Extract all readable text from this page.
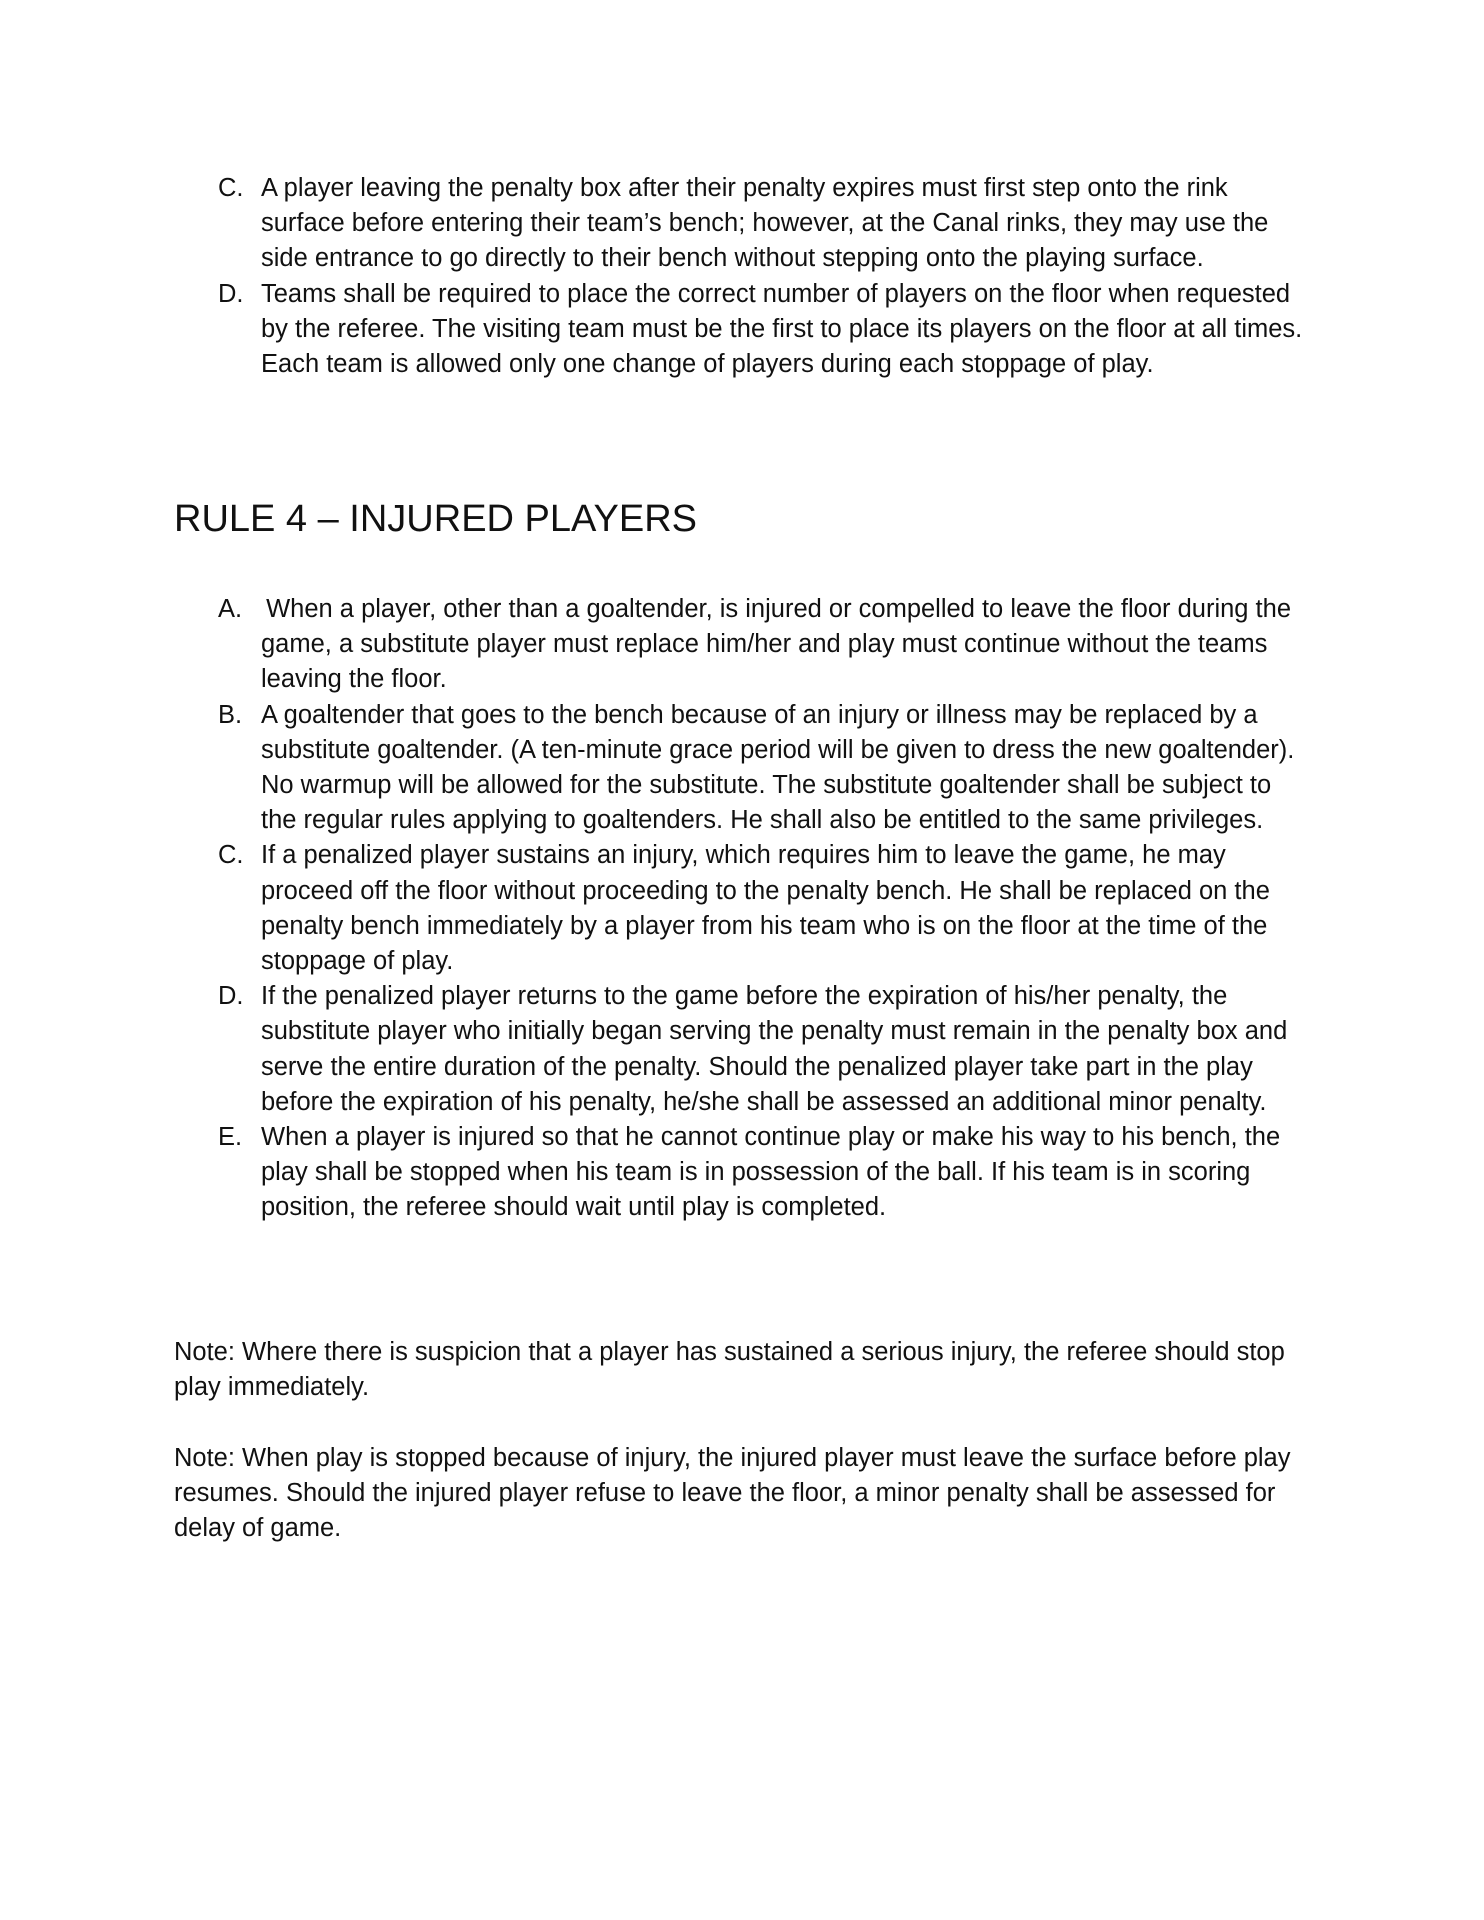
C. A player leaving the penalty box after their penalty expires must first step onto the rink surface before entering their team’s bench; however, at the Canal rinks, they may use the side entrance to go directly to their bench without stepping onto the playing surface.
D. Teams shall be required to place the correct number of players on the floor when requested by the referee. The visiting team must be the first to place its players on the floor at all times. Each team is allowed only one change of players during each stoppage of play.
RULE 4 – INJURED PLAYERS
A.
  When a player, other than a goaltender, is injured or compelled to leave the floor during the game, a substitute player must replace him/her and play must continue without the teams leaving the floor.
B. A goaltender that goes to the bench because of an injury or illness may be replaced by a substitute goaltender. (A ten-minute grace period will be given to dress the new goaltender). No warmup will be allowed for the substitute. The substitute goaltender shall be subject to the regular rules applying to goaltenders. He shall also be entitled to the same privileges.
C. If a penalized player sustains an injury, which requires him to leave the game, he may proceed off the floor without proceeding to the penalty bench. He shall be replaced on the penalty bench immediately by a player from his team who is on the floor at the time of the stoppage of play.
D. If the penalized player returns to the game before the expiration of his/her penalty, the substitute player who initially began serving the penalty must remain in the penalty box and serve the entire duration of the penalty. Should the penalized player take part in the play before the expiration of his penalty, he/she shall be assessed an additional minor penalty.
E. When a player is injured so that he cannot continue play or make his way to his bench, the play shall be stopped when his team is in possession of the ball. If his team is in scoring position, the referee should wait until play is completed.

Note: Where there is suspicion that a player has sustained a serious injury, the referee should stop play immediately.

Note: When play is stopped because of injury, the injured player must leave the surface before play resumes. Should the injured player refuse to leave the floor, a minor penalty shall be assessed for delay of game.
